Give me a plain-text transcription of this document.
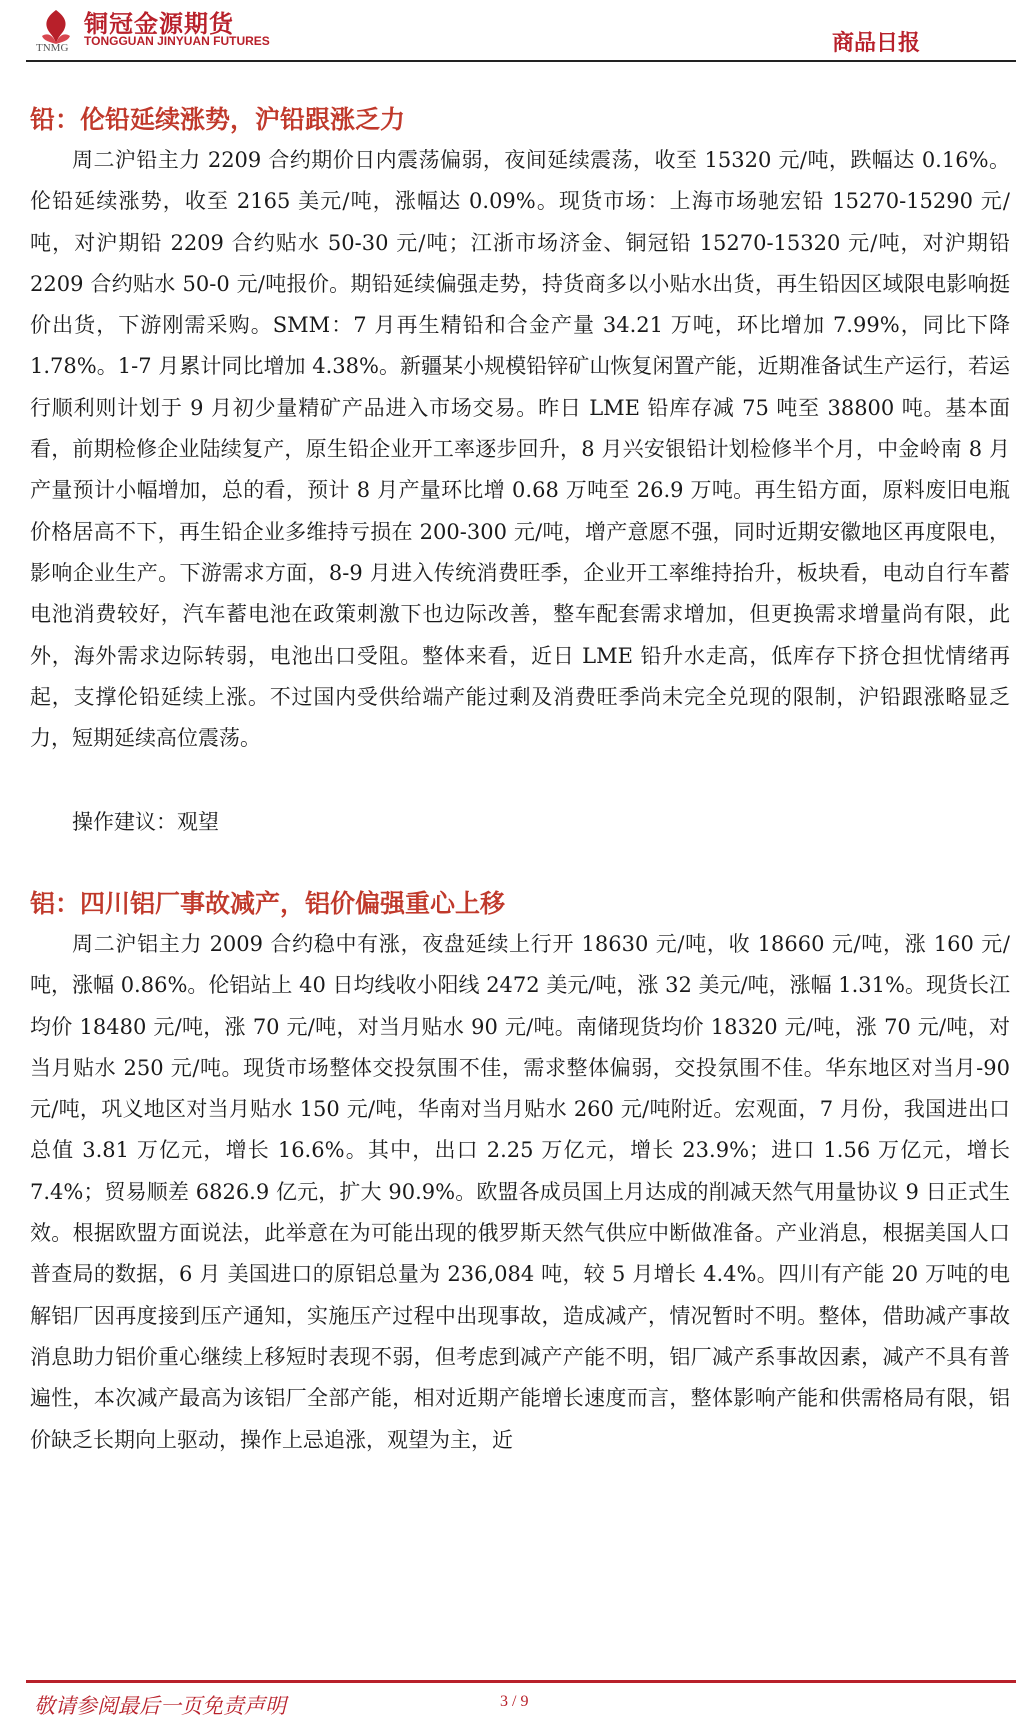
TNMG
铜冠金源期货
TONGGUAN JINYUAN FUTURES	商品日报
铅：伦铅延续涨势，沪铅跟涨乏力

周二沪铅主力 2209 合约期价日内震荡偏弱，夜间延续震荡，收至 15320 元/吨，跌幅达 0.16%。伦铅延续涨势，收至 2165 美元/吨，涨幅达 0.09%。现货市场：上海市场驰宏铅 15270-15290 元/吨，对沪期铅 2209 合约贴水 50-30 元/吨；江浙市场济金、铜冠铅 15270-15320 元/吨，对沪期铅 2209 合约贴水 50-0 元/吨报价。期铅延续偏强走势，持货商多以小贴水出货，再生铅因区域限电影响挺价出货，下游刚需采购。SMM：7 月再生精铅和合金产量 34.21 万吨，环比增加 7.99%，同比下降 1.78%。1-7 月累计同比增加 4.38%。新疆某小规模铅锌矿山恢复闲置产能，近期准备试生产运行，若运行顺利则计划于 9 月初少量精矿产品进入市场交易。昨日 LME 铅库存减 75 吨至 38800 吨。基本面看，前期检修企业陆续复产，原生铅企业开工率逐步回升，8 月兴安银铅计划检修半个月，中金岭南 8 月产量预计小幅增加，总的看，预计 8 月产量环比增 0.68 万吨至 26.9 万吨。再生铅方面，原料废旧电瓶价格居高不下，再生铅企业多维持亏损在 200-300 元/吨，增产意愿不强，同时近期安徽地区再度限电，影响企业生产。下游需求方面，8-9 月进入传统消费旺季，企业开工率维持抬升，板块看，电动自行车蓄电池消费较好，汽车蓄电池在政策刺激下也边际改善，整车配套需求增加，但更换需求增量尚有限，此外，海外需求边际转弱，电池出口受阻。整体来看，近日 LME 铅升水走高，低库存下挤仓担忧情绪再起，支撑伦铅延续上涨。不过国内受供给端产能过剩及消费旺季尚未完全兑现的限制，沪铅跟涨略显乏力，短期延续高位震荡。

操作建议：观望

铝：四川铝厂事故减产，铝价偏强重心上移

周二沪铝主力 2009 合约稳中有涨，夜盘延续上行开 18630 元/吨，收 18660 元/吨，涨 160 元/吨，涨幅 0.86%。伦铝站上 40 日均线收小阳线 2472 美元/吨，涨 32 美元/吨，涨幅 1.31%。现货长江均价 18480 元/吨，涨 70 元/吨，对当月贴水 90 元/吨。南储现货均价 18320 元/吨，涨 70 元/吨，对当月贴水 250 元/吨。现货市场整体交投氛围不佳，需求整体偏弱，交投氛围不佳。华东地区对当月-90 元/吨，巩义地区对当月贴水 150 元/吨，华南对当月贴水 260 元/吨附近。宏观面，7 月份，我国进出口总值 3.81 万亿元，增长 16.6%。其中，出口 2.25 万亿元，增长 23.9%；进口 1.56 万亿元，增长 7.4%；贸易顺差 6826.9 亿元，扩大 90.9%。欧盟各成员国上月达成的削减天然气用量协议 9 日正式生效。根据欧盟方面说法，此举意在为可能出现的俄罗斯天然气供应中断做准备。产业消息，根据美国人口普查局的数据，6 月 美国进口的原铝总量为 236,084 吨，较 5 月增长 4.4%。四川有产能 20 万吨的电解铝厂因再度接到压产通知，实施压产过程中出现事故，造成减产，情况暂时不明。整体，借助减产事故消息助力铝价重心继续上移短时表现不弱，但考虑到减产产能不明，铝厂减产系事故因素，减产不具有普遍性，本次减产最高为该铝厂全部产能，相对近期产能增长速度而言，整体影响产能和供需格局有限，铝价缺乏长期向上驱动，操作上忌追涨，观望为主，近

敬请参阅最后一页免责声明	3 / 9
